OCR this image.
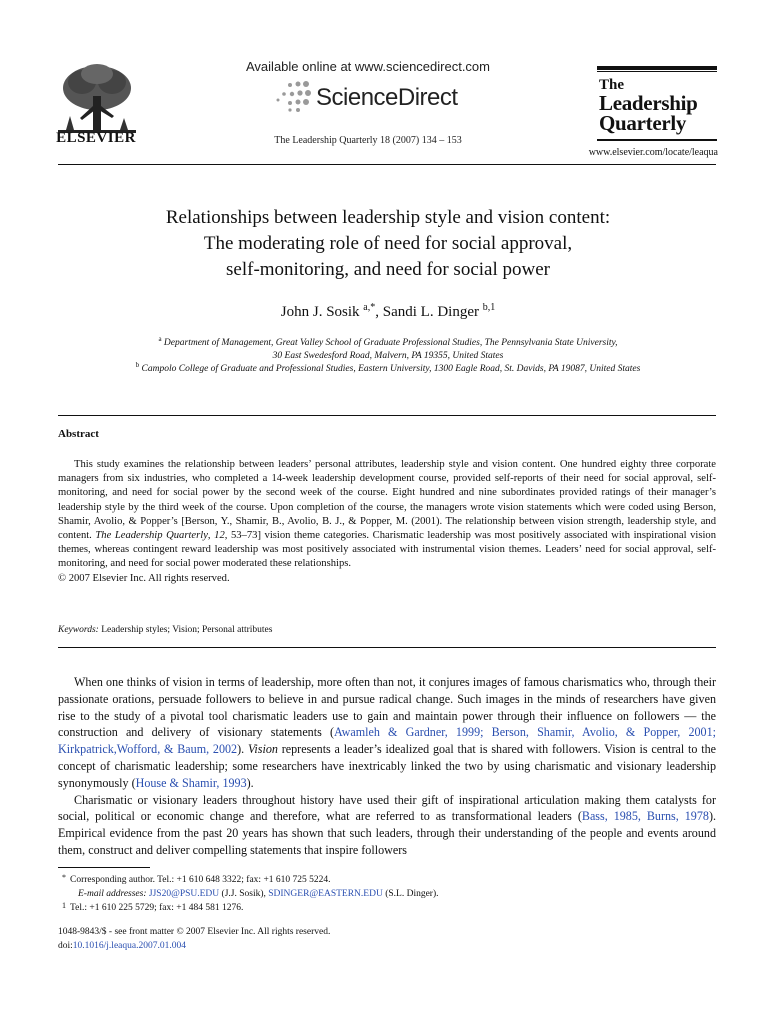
ELSEVIER
Available online at www.sciencedirect.com
ScienceDirect
The Leadership Quarterly 18 (2007) 134 – 153
The
Leadership
Quarterly
www.elsevier.com/locate/leaqua
Relationships between leadership style and vision content:
The moderating role of need for social approval,
self-monitoring, and need for social power
John J. Sosik $^{a,*}$, Sandi L. Dinger $^{b,1}$
$^a$ Department of Management, Great Valley School of Graduate Professional Studies, The Pennsylvania State University,
30 East Swedesford Road, Malvern, PA 19355, United States
$^b$ Campolo College of Graduate and Professional Studies, Eastern University, 1300 Eagle Road, St. Davids, PA 19087, United States
Abstract

This study examines the relationship between leaders’ personal attributes, leadership style and vision content. One hundred eighty three corporate managers from six industries, who completed a 14-week leadership development course, provided self-reports of their need for social approval, self-monitoring, and need for social power by the second week of the course. Eight hundred and nine subordinates provided ratings of their manager’s leadership style by the third week of the course. Upon completion of the course, the managers wrote vision statements which were coded using Berson, Shamir, Avolio, & Popper’s [Berson, Y., Shamir, B., Avolio, B. J., & Popper, M. (2001). The relationship between vision strength, leadership style, and content. The Leadership Quarterly, 12, 53–73] vision theme categories. Charismatic leadership was most positively associated with inspirational vision themes, whereas contingent reward leadership was most positively associated with instrumental vision themes. Leaders’ need for social approval, self-monitoring, and need for social power moderated these relationships.

© 2007 Elsevier Inc. All rights reserved.

Keywords: Leadership styles; Vision; Personal attributes

When one thinks of vision in terms of leadership, more often than not, it conjures images of famous charismatics who, through their passionate orations, persuade followers to believe in and pursue radical change. Such images in the minds of researchers have given rise to the study of a pivotal tool charismatic leaders use to gain and maintain power through their influence on followers — the construction and delivery of visionary statements (Awamleh & Gardner, 1999; Berson, Shamir, Avolio, & Popper, 2001; Kirkpatrick,Wofford, & Baum, 2002). Vision represents a leader’s idealized goal that is shared with followers. Vision is central to the concept of charismatic leadership; some researchers have inextricably linked the two by using charismatic and visionary leadership synonymously (House & Shamir, 1993).

Charismatic or visionary leaders throughout history have used their gift of inspirational articulation making them catalysts for social, political or economic change and therefore, what are referred to as transformational leaders (Bass, 1985, Burns, 1978). Empirical evidence from the past 20 years has shown that such leaders, through their understanding of the people and events around them, construct and deliver compelling statements that inspire followers

* Corresponding author. Tel.: +1 610 648 3322; fax: +1 610 725 5224.
E-mail addresses: JJS20@PSU.EDU (J.J. Sosik), SDINGER@EASTERN.EDU (S.L. Dinger).
1 Tel.: +1 610 225 5729; fax: +1 484 581 1276.
1048-9843/$ - see front matter © 2007 Elsevier Inc. All rights reserved.
doi:10.1016/j.leaqua.2007.01.004
